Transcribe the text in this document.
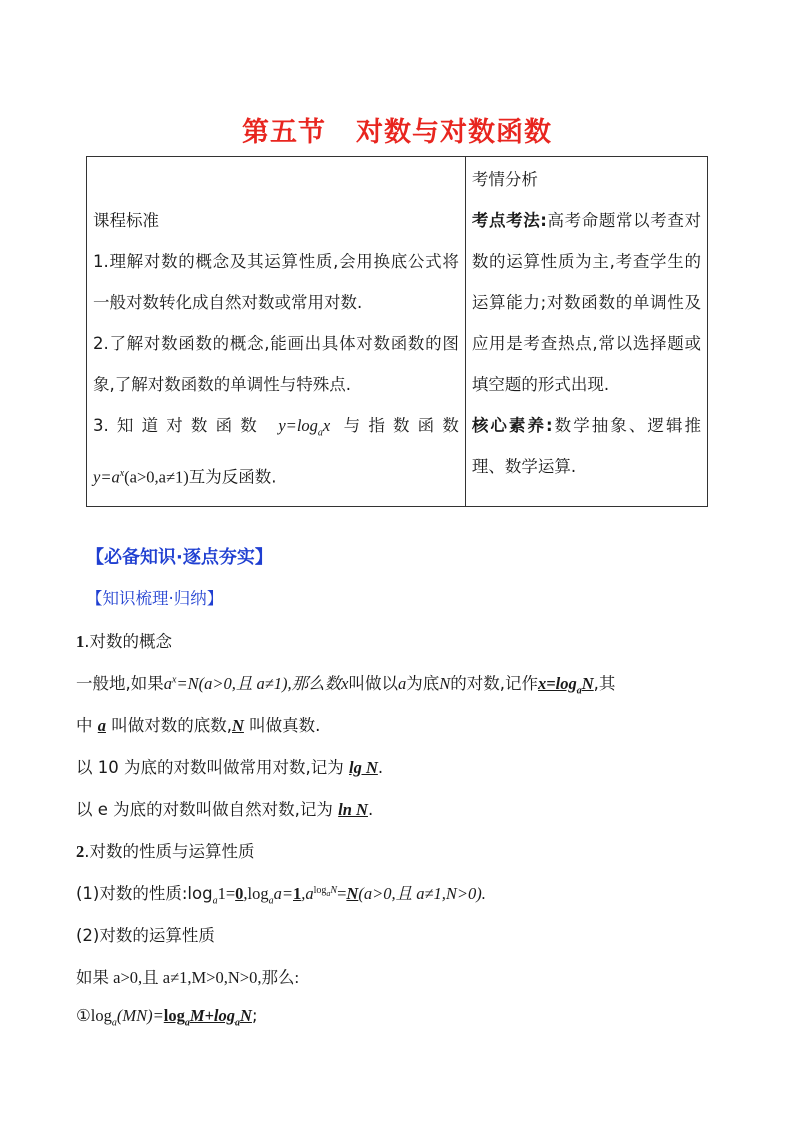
第五节 对数与对数函数
课程标准
1.理解对数的概念及其运算性质,会用换底公式将一般对数转化成自然对数或常用对数.
2.了解对数函数的概念,能画出具体对数函数的图象,了解对数函数的单调性与特殊点.
3.知道对数函数 $y=\log_ax$ 与指数函数
$y=a^x(a>0,a\ne 1)$互为反函数.

考情分析
考点考法:高考命题常以考查对数的运算性质为主,考查学生的运算能力;对数函数的单调性及应用是考查热点,常以选择题或填空题的形式出现.
核心素养:数学抽象、逻辑推理、数学运算.
【必备知识·逐点夯实】
【知识梳理·归纳】
1.对数的概念
一般地,如果$a^x=N(a>0$,且 a≠1),那么数x叫做以a为底N的对数,记作$x=\log_aN$,其
中 a 叫做对数的底数,N 叫做真数.
以 10 为底的对数叫做常用对数,记为 lg N.
以 e 为底的对数叫做自然对数,记为 ln N.
2.对数的性质与运算性质
(1)对数的性质$:\log_a1=0,\log_aa=1,a^{log_aN}=N(a>0$,且 a≠1,N>0).
(2)对数的运算性质
如果 a>0,且 a≠1,M>0,N>0,那么:
$①\log_a(MN)=\log_aM+\log_aN$;
